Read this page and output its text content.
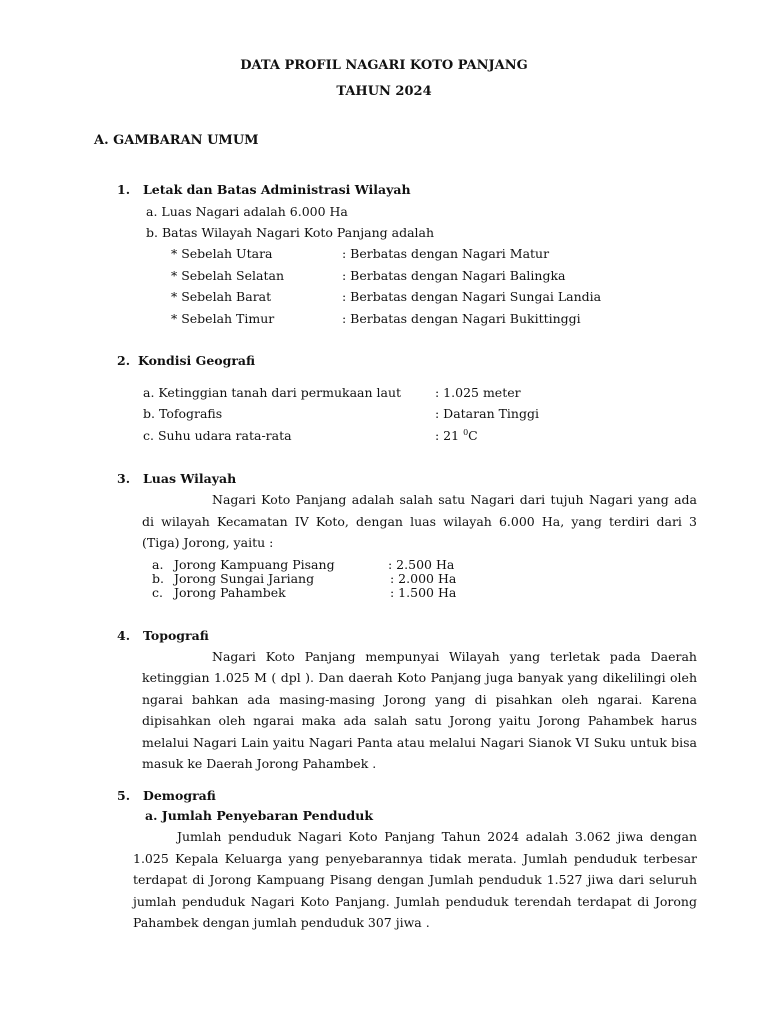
DATA PROFIL NAGARI KOTO PANJANG
TAHUN 2024
A. GAMBARAN UMUM
1. Letak dan Batas Administrasi Wilayah
a. Luas Nagari adalah 6.000 Ha
b. Batas Wilayah Nagari Koto Panjang adalah
* Sebelah Utara	: Berbatas dengan Nagari Matur
* Sebelah Selatan	: Berbatas dengan Nagari Balingka
* Sebelah Barat	: Berbatas dengan Nagari Sungai Landia
* Sebelah Timur	: Berbatas dengan Nagari Bukittinggi
2. Kondisi Geografi
a. Ketinggian tanah dari permukaan laut	: 1.025 meter
b. Tofografis	: Dataran Tinggi
c. Suhu udara rata-rata	: 21 $^0$C
3. Luas Wilayah
Nagari Koto Panjang adalah salah satu Nagari dari tujuh Nagari yang ada
di wilayah Kecamatan IV Koto, dengan luas wilayah 6.000 Ha, yang terdiri dari 3
(Tiga) Jorong, yaitu :
a. Jorong Kampuang Pisang	: 2.500 Ha
b. Jorong Sungai Jariang	: 2.000 Ha
c. Jorong Pahambek	: 1.500 Ha
4. Topografi
Nagari Koto Panjang mempunyai Wilayah yang terletak pada Daerah
ketinggian 1.025 M ( dpl ). Dan daerah Koto Panjang juga banyak yang dikelilingi oleh
ngarai bahkan ada masing-masing Jorong yang di pisahkan oleh ngarai. Karena
dipisahkan oleh ngarai maka ada salah satu Jorong yaitu Jorong Pahambek harus
melalui Nagari Lain yaitu Nagari Panta atau melalui Nagari Sianok VI Suku untuk bisa
masuk ke Daerah Jorong Pahambek .
5. Demografi
a. Jumlah Penyebaran Penduduk
Jumlah penduduk Nagari Koto Panjang Tahun 2024 adalah 3.062 jiwa dengan
1.025 Kepala Keluarga yang penyebarannya tidak merata. Jumlah penduduk terbesar
terdapat di Jorong Kampuang Pisang dengan Jumlah penduduk 1.527 jiwa dari seluruh
jumlah penduduk Nagari Koto Panjang. Jumlah penduduk terendah terdapat di Jorong
Pahambek dengan jumlah penduduk 307 jiwa .
